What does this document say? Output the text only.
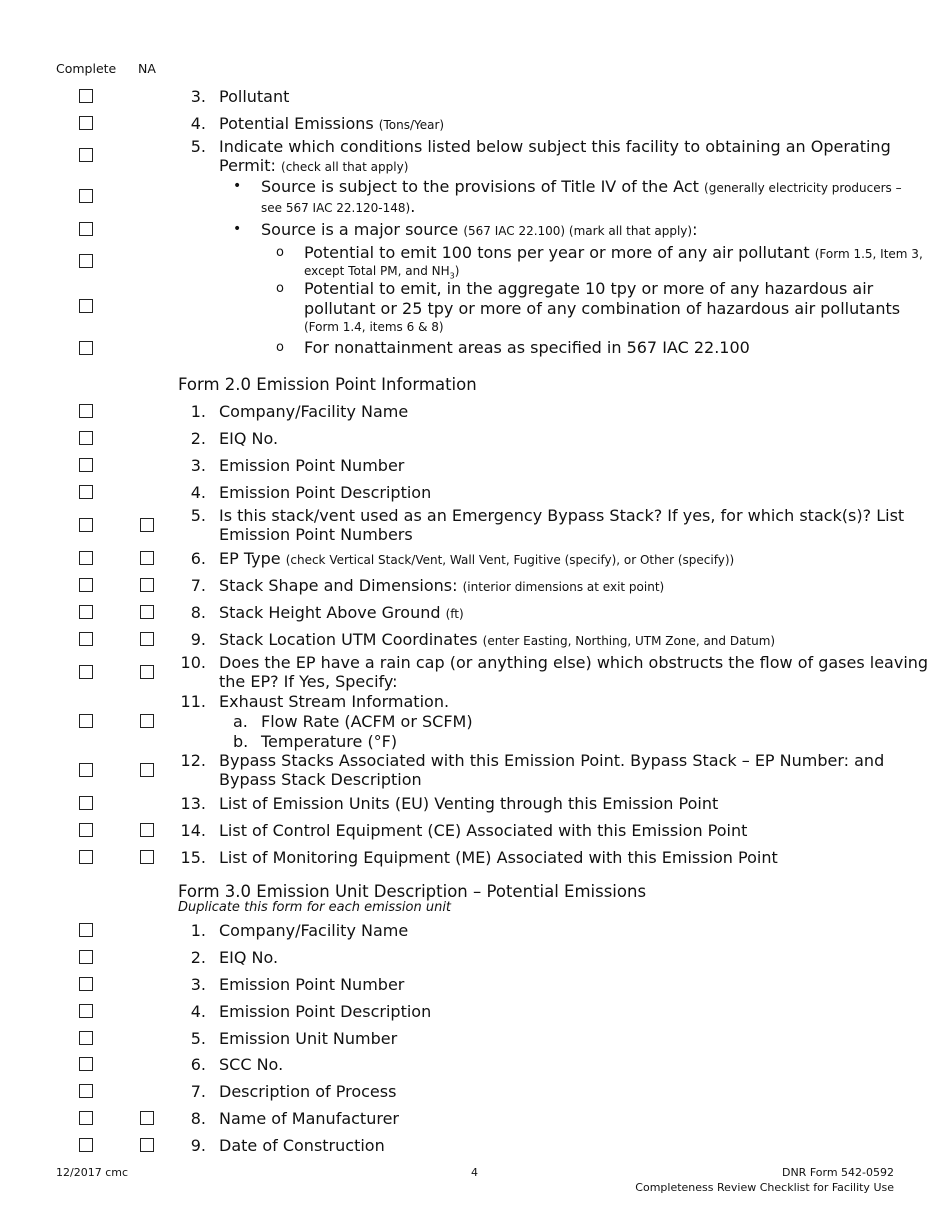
Complete NA
3. Pollutant
4. Potential Emissions (Tons/Year)
5. Indicate which conditions listed below subject this facility to obtaining an Operating
Permit: (check all that apply)
• Source is subject to the provisions of Title IV of the Act (generally electricity producers –
see 567 IAC 22.120-148).
• Source is a major source (567 IAC 22.100) (mark all that apply):
o Potential to emit 100 tons per year or more of any air pollutant (Form 1.5, Item 3,
except Total PM, and $NH_3$)
o Potential to emit, in the aggregate 10 tpy or more of any hazardous air
pollutant or 25 tpy or more of any combination of hazardous air pollutants
(Form 1.4, items 6 & 8)
o For nonattainment areas as specified in 567 IAC 22.100
Form 2.0 Emission Point Information
1. Company/Facility Name
2. EIQ No.
3. Emission Point Number
4. Emission Point Description
5. Is this stack/vent used as an Emergency Bypass Stack? If yes, for which stack(s)? List
Emission Point Numbers
6. EP Type (check Vertical Stack/Vent, Wall Vent, Fugitive (specify), or Other (specify))
7. Stack Shape and Dimensions: (interior dimensions at exit point)
8. Stack Height Above Ground (ft)
9. Stack Location UTM Coordinates (enter Easting, Northing, UTM Zone, and Datum)
10. Does the EP have a rain cap (or anything else) which obstructs the flow of gases leaving
the EP? If Yes, Specify:
11. Exhaust Stream Information.
a. Flow Rate (ACFM or SCFM)
b. Temperature (°F)
12. Bypass Stacks Associated with this Emission Point. Bypass Stack – EP Number: and
Bypass Stack Description
13. List of Emission Units (EU) Venting through this Emission Point
14. List of Control Equipment (CE) Associated with this Emission Point
15. List of Monitoring Equipment (ME) Associated with this Emission Point
Form 3.0 Emission Unit Description – Potential Emissions
Duplicate this form for each emission unit
1. Company/Facility Name
2. EIQ No.
3. Emission Point Number
4. Emission Point Description
5. Emission Unit Number
6. SCC No.
7. Description of Process
8. Name of Manufacturer
9. Date of Construction
12/2017 cmc	4	DNR Form 542-0592
Completeness Review Checklist for Facility Use
